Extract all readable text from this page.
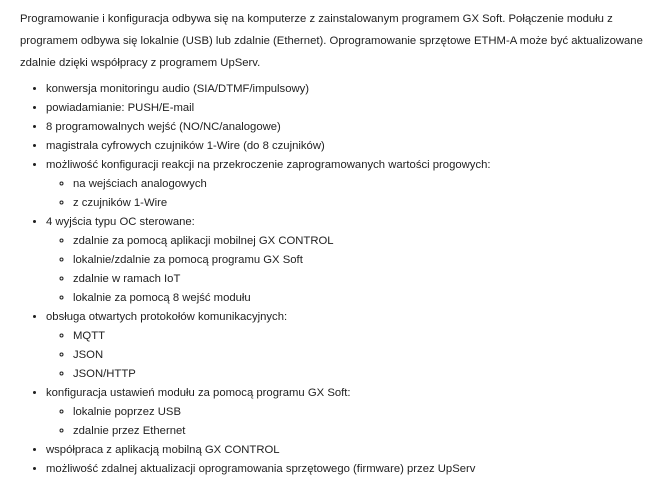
Programowanie i konfiguracja odbywa się na komputerze z zainstalowanym programem GX Soft. Połączenie modułu z programem odbywa się lokalnie (USB) lub zdalnie (Ethernet). Oprogramowanie sprzętowe ETHM-A może być aktualizowane zdalnie dzięki współpracy z programem UpServ.

• konwersja monitoringu audio (SIA/DTMF/impulsowy)
• powiadamianie: PUSH/E-mail
• 8 programowalnych wejść (NO/NC/analogowe)
• magistrala cyfrowych czujników 1-Wire (do 8 czujników)
• możliwość konfiguracji reakcji na przekroczenie zaprogramowanych wartości progowych:
◦ na wejściach analogowych
◦ z czujników 1-Wire
• 4 wyjścia typu OC sterowane:
◦ zdalnie za pomocą aplikacji mobilnej GX CONTROL
◦ lokalnie/zdalnie za pomocą programu GX Soft
◦ zdalnie w ramach IoT
◦ lokalnie za pomocą 8 wejść modułu
• obsługa otwartych protokołów komunikacyjnych:
◦ MQTT
◦ JSON
◦ JSON/HTTP
• konfiguracja ustawień modułu za pomocą programu GX Soft:
◦ lokalnie poprzez USB
◦ zdalnie przez Ethernet
• współpraca z aplikacją mobilną GX CONTROL
• możliwość zdalnej aktualizacji oprogramowania sprzętowego (firmware) przez UpServ
